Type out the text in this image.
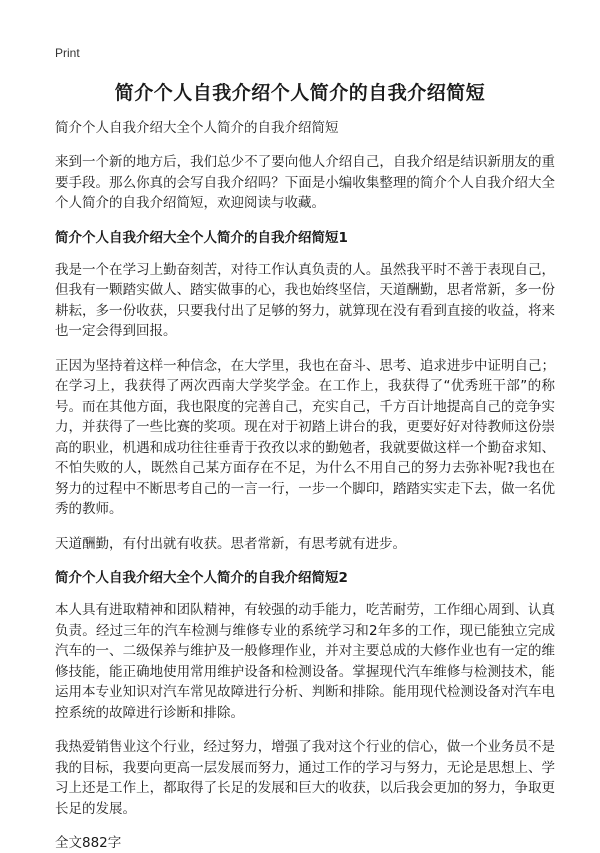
Print
简介个人自我介绍个人简介的自我介绍简短
简介个人自我介绍大全个人简介的自我介绍简短

来到一个新的地方后，我们总少不了要向他人介绍自己，自我介绍是结识新朋友的重要手段。那么你真的会写自我介绍吗？下面是小编收集整理的简介个人自我介绍大全个人简介的自我介绍简短，欢迎阅读与收藏。

简介个人自我介绍大全个人简介的自我介绍简短1

我是一个在学习上勤奋刻苦，对待工作认真负责的人。虽然我平时不善于表现自己，但我有一颗踏实做人、踏实做事的心，我也始终坚信，天道酬勤，思者常新，多一份耕耘，多一份收获，只要我付出了足够的努力，就算现在没有看到直接的收益，将来也一定会得到回报。

正因为坚持着这样一种信念，在大学里，我也在奋斗、思考、追求进步中证明自己；在学习上，我获得了两次西南大学奖学金。在工作上，我获得了“优秀班干部”的称号。而在其他方面，我也限度的完善自己，充实自己，千方百计地提高自己的竞争实力，并获得了一些比赛的奖项。现在对于初踏上讲台的我，更要好好对待教师这份崇高的职业，机遇和成功往往垂青于孜孜以求的勤勉者，我就要做这样一个勤奋求知、不怕失败的人，既然自己某方面存在不足，为什么不用自己的努力去弥补呢?我也在努力的过程中不断思考自己的一言一行，一步一个脚印，踏踏实实走下去，做一名优秀的教师。

天道酬勤，有付出就有收获。思者常新，有思考就有进步。

简介个人自我介绍大全个人简介的自我介绍简短2

本人具有进取精神和团队精神，有较强的动手能力，吃苦耐劳，工作细心周到、认真负责。经过三年的汽车检测与维修专业的系统学习和2年多的工作，现已能独立完成汽车的一、二级保养与维护及一般修理作业，并对主要总成的大修作业也有一定的维修技能，能正确地使用常用维护设备和检测设备。掌握现代汽车维修与检测技术，能运用本专业知识对汽车常见故障进行分析、判断和排除。能用现代检测设备对汽车电控系统的故障进行诊断和排除。

我热爱销售业这个行业，经过努力，增强了我对这个行业的信心，做一个业务员不是我的目标，我要向更高一层发展而努力，通过工作的学习与努力，无论是思想上、学习上还是工作上，都取得了长足的发展和巨大的收获，以后我会更加的努力，争取更长足的发展。

全文882字
